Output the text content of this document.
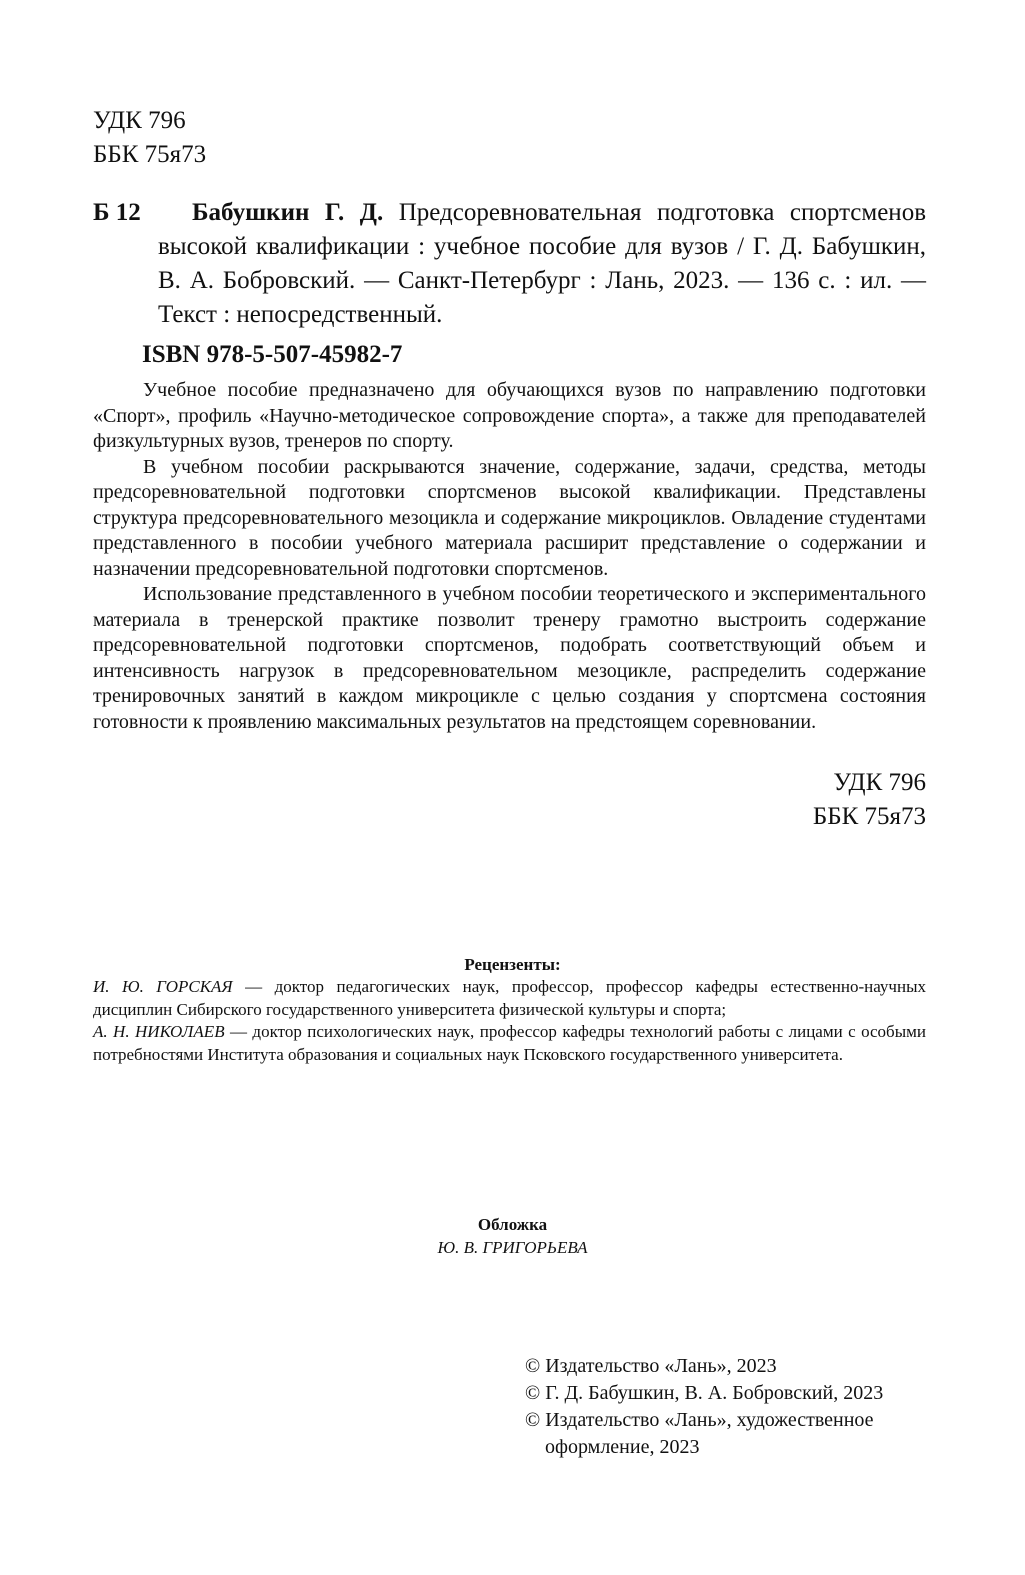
УДК 796
ББК 75я73
Б 12	Бабушкин Г. Д. Предсоревновательная подготовка спортсменов высокой квалификации : учебное пособие для вузов / Г. Д. Бабушкин, В. А. Бобровский. — Санкт-Петербург : Лань, 2023. — 136 с. : ил. — Текст : непосредственный.
ISBN 978-5-507-45982-7

Учебное пособие предназначено для обучающихся вузов по направлению подготовки «Спорт», профиль «Научно-методическое сопровождение спорта», а также для преподавателей физкультурных вузов, тренеров по спорту.

В учебном пособии раскрываются значение, содержание, задачи, средства, методы предсоревновательной подготовки спортсменов высокой квалификации. Представлены структура предсоревновательного мезоцикла и содержание микроциклов. Овладение студентами представленного в пособии учебного материала расширит представление о содержании и назначении предсоревновательной подготовки спортсменов.

Использование представленного в учебном пособии теоретического и экспериментального материала в тренерской практике позволит тренеру грамотно выстроить содержание предсоревновательной подготовки спортсменов, подобрать соответствующий объем и интенсивность нагрузок в предсоревновательном мезоцикле, распределить содержание тренировочных занятий в каждом микроцикле с целью создания у спортсмена состояния готовности к проявлению максимальных результатов на предстоящем соревновании.

УДК 796
ББК 75я73
Рецензенты:

И. Ю. ГОРСКАЯ — доктор педагогических наук, профессор, профессор кафедры естественно-научных дисциплин Сибирского государственного университета физической культуры и спорта;

А. Н. НИКОЛАЕВ — доктор психологических наук, профессор кафедры технологий работы с лицами с особыми потребностями Института образования и социальных наук Псковского государственного университета.

Обложка
Ю. В. ГРИГОРЬЕВА
© Издательство «Лань», 2023
© Г. Д. Бабушкин, В. А. Бобровский, 2023
© Издательство «Лань», художественное
оформление, 2023
